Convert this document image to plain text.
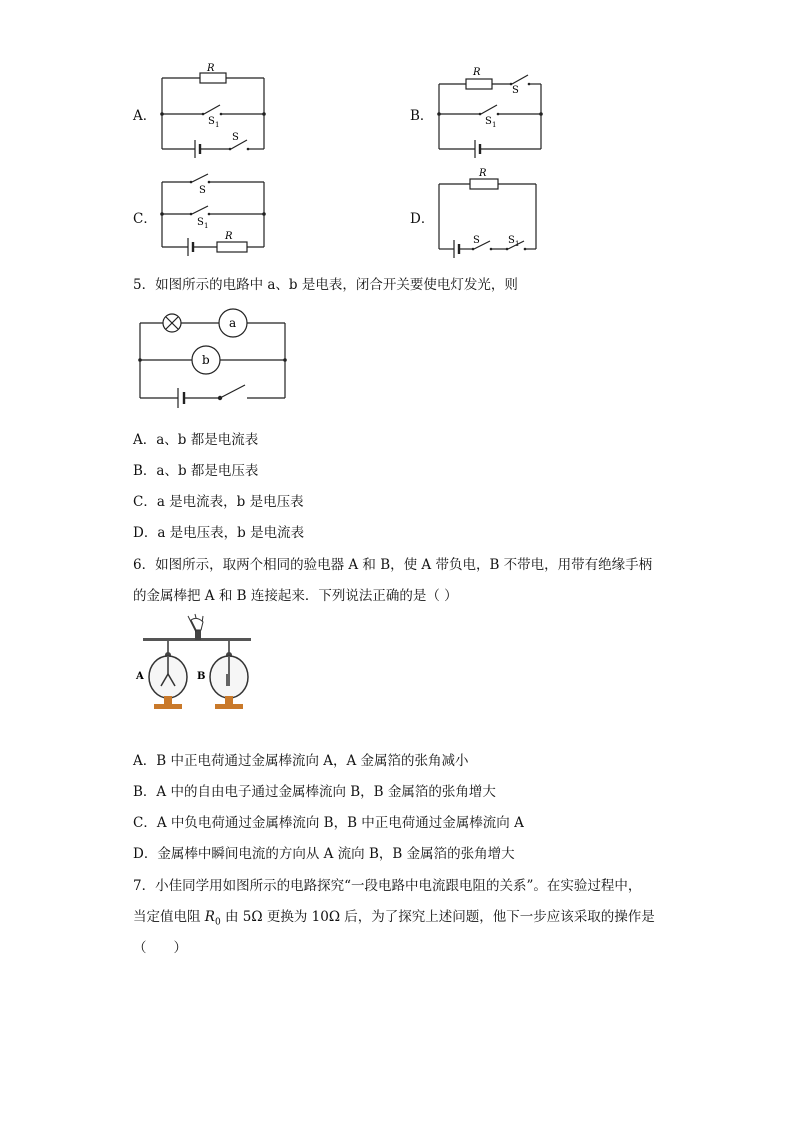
A．
R
S 1
S
B．
R
S
S 1
C．
S
S 1
R
D．
R
S	S 1
5．如图所示的电路中 a、b 是电表，闭合开关要使电灯发光，则
a
b
A．a、b 都是电流表
B．a、b 都是电压表
C．a 是电流表，b 是电压表
D．a 是电压表，b 是电流表
6．如图所示，取两个相同的验电器 A 和 B，使 A 带负电，B 不带电，用带有绝缘手柄
的金属棒把 A 和 B 连接起来．下列说法正确的是（ ）
A	B
A．B 中正电荷通过金属棒流向 A，A 金属箔的张角减小
B．A 中的自由电子通过金属棒流向 B，B 金属箔的张角增大
C．A 中负电荷通过金属棒流向 B，B 中正电荷通过金属棒流向 A
D．金属棒中瞬间电流的方向从 A 流向 B，B 金属箔的张角增大
7．小佳同学用如图所示的电路探究“一段电路中电流跟电阻的关系”。在实验过程中，
当定值电阻 $R_0$ 由 5Ω 更换为 10Ω 后，为了探究上述问题，他下一步应该采取的操作是
（　　）
